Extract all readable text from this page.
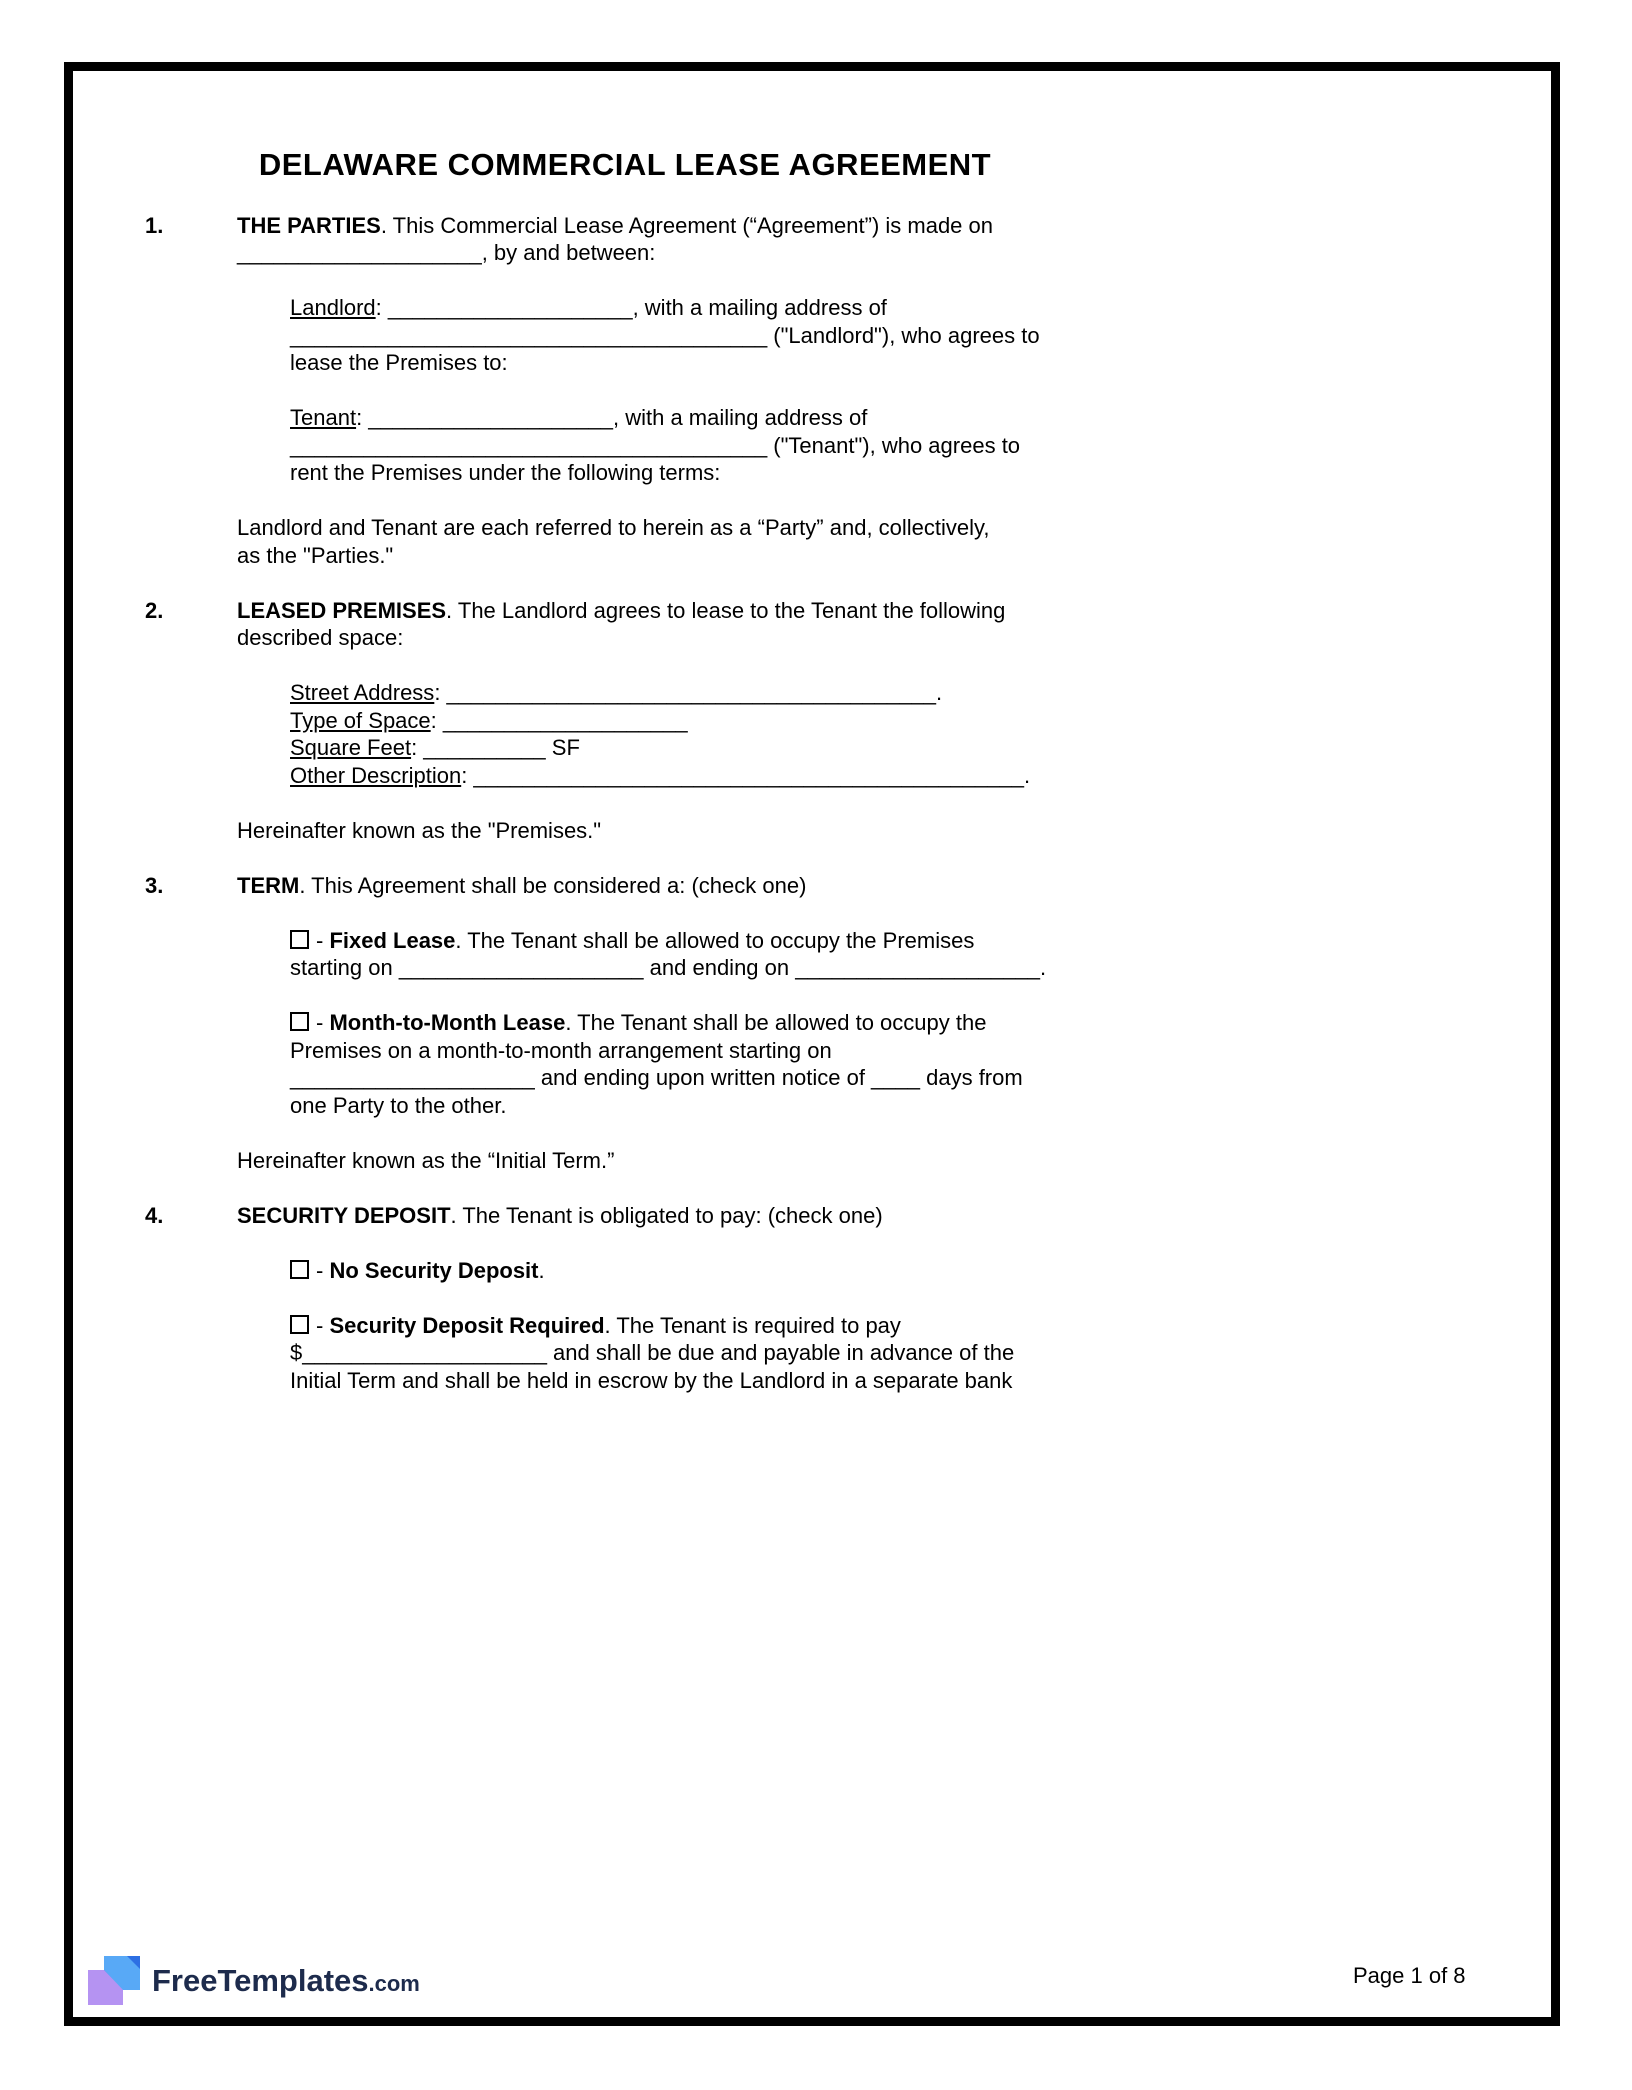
DELAWARE COMMERCIAL LEASE AGREEMENT
1.	THE PARTIES. This Commercial Lease Agreement (“Agreement”) is made on
____________________, by and between:
Landlord: ____________________, with a mailing address of
_______________________________________ ("Landlord"), who agrees to
lease the Premises to:
Tenant: ____________________, with a mailing address of
_______________________________________ ("Tenant"), who agrees to
rent the Premises under the following terms:
Landlord and Tenant are each referred to herein as a “Party” and, collectively,
as the "Parties."
2.	LEASED PREMISES. The Landlord agrees to lease to the Tenant the following
described space:
Street Address: ________________________________________.
Type of Space: ____________________
Square Feet: __________ SF
Other Description: _____________________________________________.
Hereinafter known as the "Premises."
3.	TERM. This Agreement shall be considered a: (check one)
- Fixed Lease. The Tenant shall be allowed to occupy the Premises
starting on ____________________ and ending on ____________________.
- Month-to-Month Lease. The Tenant shall be allowed to occupy the
Premises on a month-to-month arrangement starting on
____________________ and ending upon written notice of ____ days from
one Party to the other.
Hereinafter known as the “Initial Term.”
4.	SECURITY DEPOSIT. The Tenant is obligated to pay: (check one)
- No Security Deposit.
- Security Deposit Required. The Tenant is required to pay
$____________________ and shall be due and payable in advance of the
Initial Term and shall be held in escrow by the Landlord in a separate bank
FreeTemplates.com	Page 1 of 8
